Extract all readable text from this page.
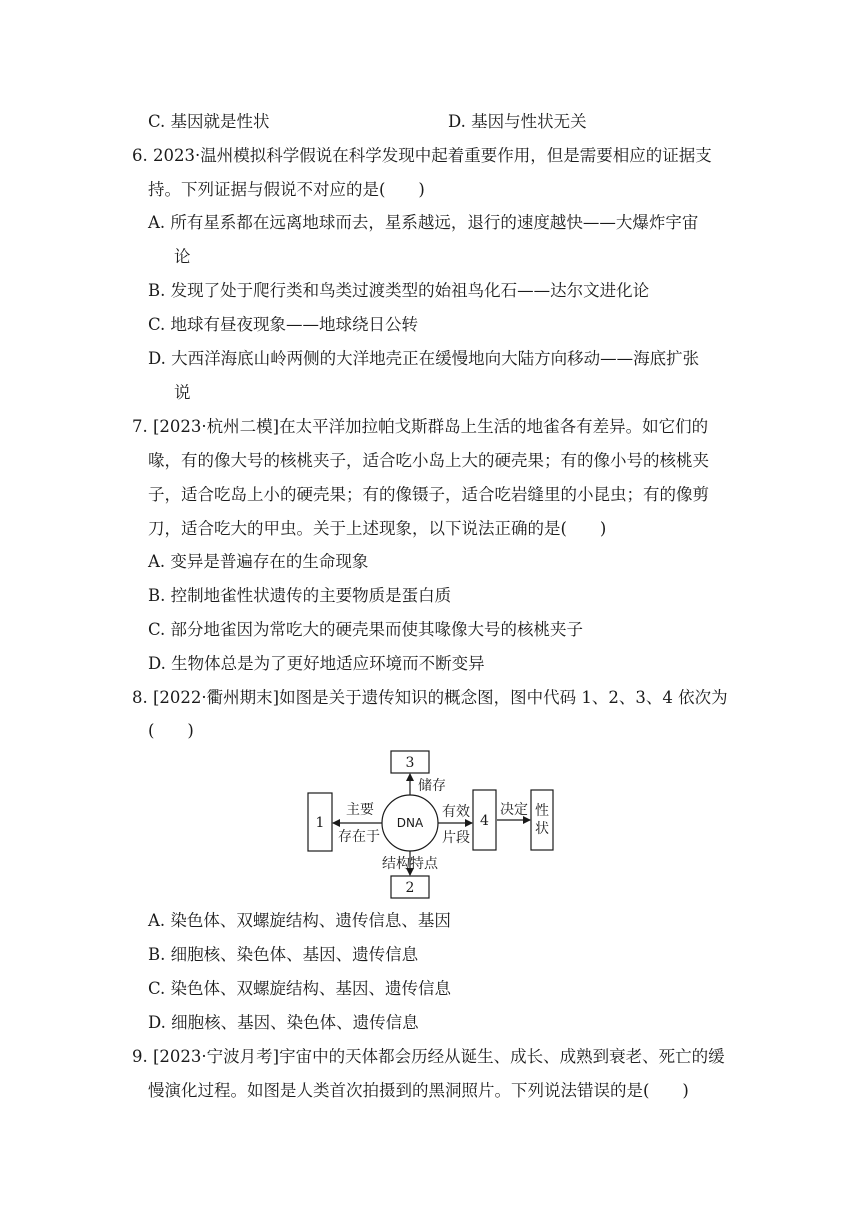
C. 基因就是性状	D. 基因与性状无关
6. 2023·温州模拟科学假说在科学发现中起着重要作用，但是需要相应的证据支
持。下列证据与假说不对应的是(　　)
A. 所有星系都在远离地球而去，星系越远，退行的速度越快——大爆炸宇宙
论
B. 发现了处于爬行类和鸟类过渡类型的始祖鸟化石——达尔文进化论
C. 地球有昼夜现象——地球绕日公转
D. 大西洋海底山岭两侧的大洋地壳正在缓慢地向大陆方向移动——海底扩张
说
7. [2023·杭州二模]在太平洋加拉帕戈斯群岛上生活的地雀各有差异。如它们的
喙，有的像大号的核桃夹子，适合吃小岛上大的硬壳果；有的像小号的核桃夹
子，适合吃岛上小的硬壳果；有的像镊子，适合吃岩缝里的小昆虫；有的像剪
刀，适合吃大的甲虫。关于上述现象，以下说法正确的是(　　)
A. 变异是普遍存在的生命现象
B. 控制地雀性状遗传的主要物质是蛋白质
C. 部分地雀因为常吃大的硬壳果而使其喙像大号的核桃夹子
D. 生物体总是为了更好地适应环境而不断变异
8. [2022·衢州期末]如图是关于遗传知识的概念图，图中代码 1、2、3、4 依次为
(　　)
3
1	DNA	4
性
状
2
主要
存在于
储存
有效
片段
决定
结构特点
A. 染色体、双螺旋结构、遗传信息、基因
B. 细胞核、染色体、基因、遗传信息
C. 染色体、双螺旋结构、基因、遗传信息
D. 细胞核、基因、染色体、遗传信息
9. [2023·宁波月考]宇宙中的天体都会历经从诞生、成长、成熟到衰老、死亡的缓
慢演化过程。如图是人类首次拍摄到的黑洞照片。下列说法错误的是(　　)
